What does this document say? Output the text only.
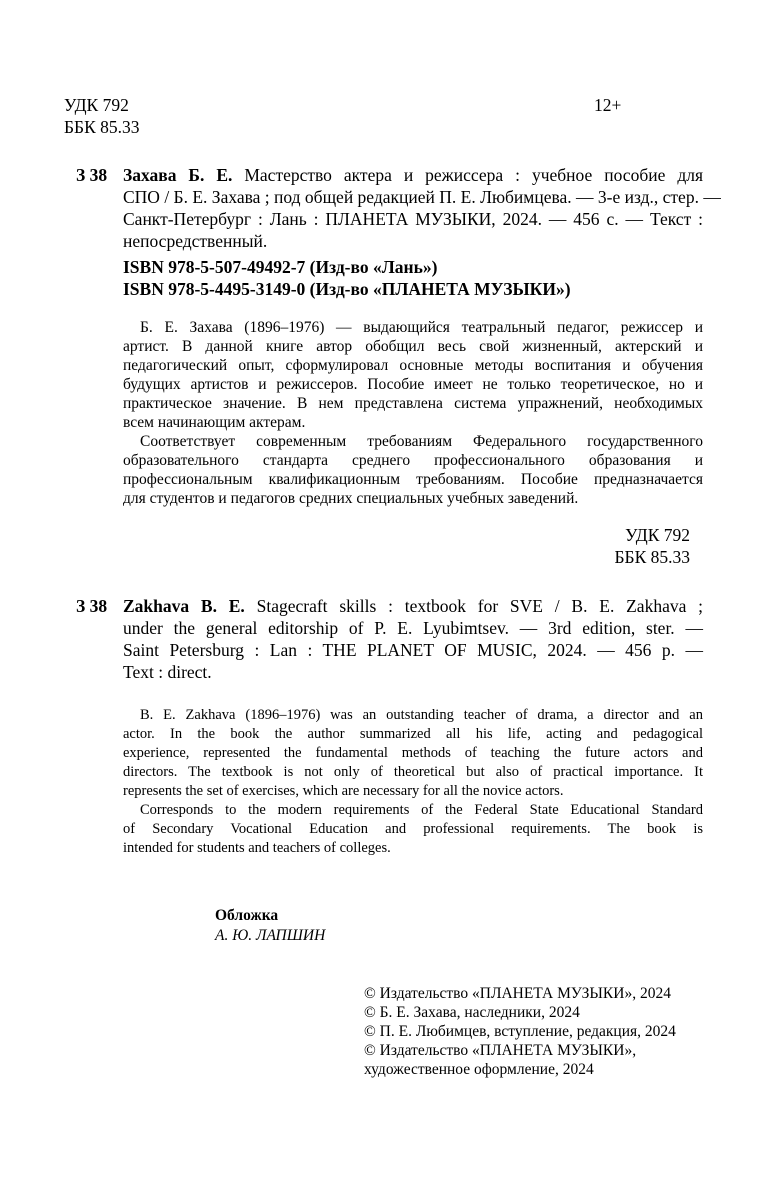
УДК 792
ББК 85.33
12+
З 38 Захава Б. Е. Мастерство актера и режиссера : учебное пособие для
СПО / Б. Е. Захава ; под общей редакцией П. Е. Любимцева. — 3-е изд., стер. —
Санкт-Петербург : Лань : ПЛАНЕТА МУЗЫКИ, 2024. — 456 с. — Текст :
непосредственный.
ISBN 978-5-507-49492-7 (Изд-во «Лань»)
ISBN 978-5-4495-3149-0 (Изд-во «ПЛАНЕТА МУЗЫКИ»)
Б. Е. Захава (1896–1976) — выдающийся театральный педагог, режиссер и
артист. В данной книге автор обобщил весь свой жизненный, актерский и
педагогический опыт, сформулировал основные методы воспитания и обучения
будущих артистов и режиссеров. Пособие имеет не только теоретическое, но и
практическое значение. В нем представлена система упражнений, необходимых
всем начинающим актерам.
Соответствует современным требованиям Федерального государственного
образовательного стандарта среднего профессионального образования и
профессиональным квалификационным требованиям. Пособие предназначается
для студентов и педагогов средних специальных учебных заведений.
УДК 792
ББК 85.33
З 38 Zakhava B. E. Stagecraft skills : textbook for SVE / B. E. Zakhava ;
under the general editorship of P. E. Lyubimtsev. — 3rd edition, ster. —
Saint Petersburg : Lan : THE PLANET OF MUSIC, 2024. — 456 p. —
Text : direct.
B. E. Zakhava (1896–1976) was an outstanding teacher of drama, a director and an
actor. In the book the author summarized all his life, acting and pedagogical
experience, represented the fundamental methods of teaching the future actors and
directors. The textbook is not only of theoretical but also of practical importance. It
represents the set of exercises, which are necessary for all the novice actors.
Corresponds to the modern requirements of the Federal State Educational Standard
of Secondary Vocational Education and professional requirements. The book is
intended for students and teachers of colleges.
Обложка
А. Ю. ЛАПШИН
© Издательство «ПЛАНЕТА МУЗЫКИ», 2024
© Б. Е. Захава, наследники, 2024
© П. Е. Любимцев, вступление, редакция, 2024
© Издательство «ПЛАНЕТА МУЗЫКИ»,
художественное оформление, 2024
